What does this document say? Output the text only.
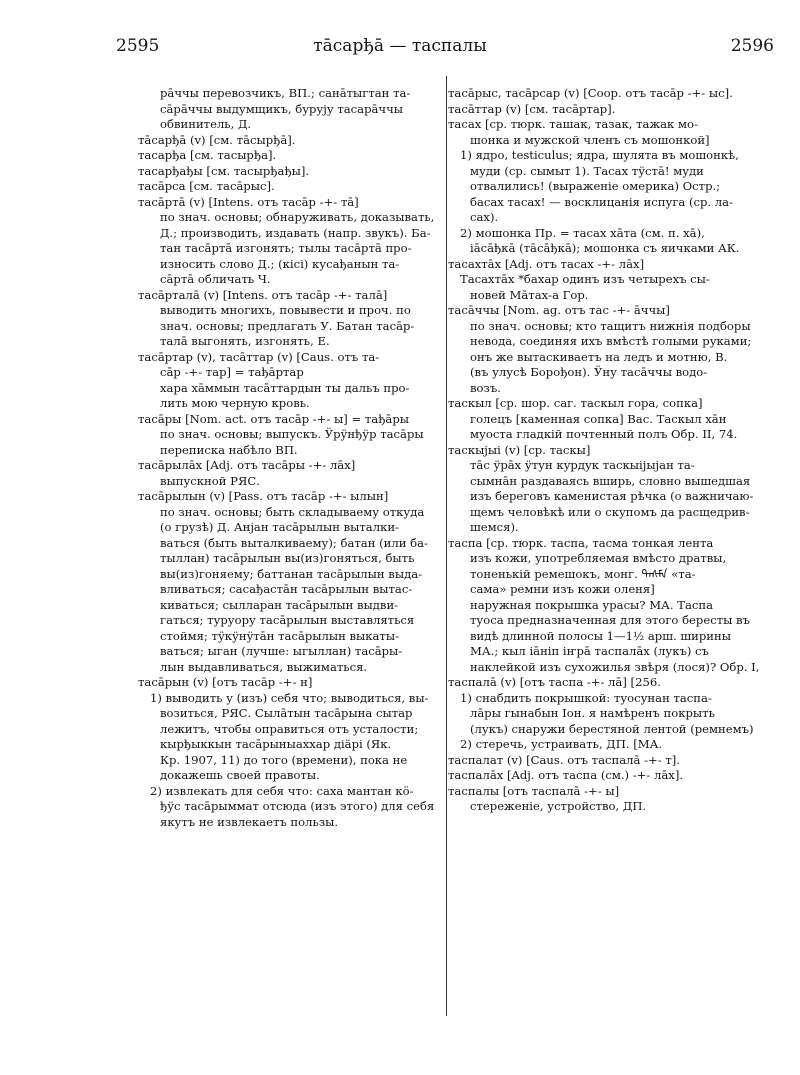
2595	тāсарђā — таспалы	2596
рāччы перевозчикъ, ВП.; санāтыгтан та-
сāрāччы выдумщикъ, бурују тасарāччы
обвинитель, Д.
тāсарђā (v) [см. тāсырђā].
тасарђа [см. тасырђа].
тасарђађы [см. тасырђађы].
тасāрса [см. тасāрыс].
тасāртā (v) [Intens. отъ тасāр -+- тā]
по знач. основы; обнаруживать, доказывать,
Д.; производить, издавать (напр. звукъ). Ба-
тан тасāртā изгонять; тылы тасāртā про-
износить слово Д.; (кісі) кусађанын та-
сāртā обличать Ч.
тасāрталā (v) [Intens. отъ тасāр -+- талā]
выводить многихъ, повывести и проч. по
знач. основы; предлагать У. Батан тасāр-
талā выгонять, изгонять, Е.
тасāртар (v), тасāттар (v) [Caus. отъ та-
сāр -+- тар] = тађāртар
хара хāммын тасāттардын ты дальъ про-
лить мою черную кровь.
тасāры [Nom. act. отъ тасāр -+- ы] = тађāры
по знач. основы; выпускъ. Ӱрӱнђӱр тасāры
переписка набѣло ВП.
тасāрылāх [Adj. отъ тасāры -+- лāх]
выпускной РЯС.
тасāрылын (v) [Pass. отъ тасāр -+- ылын]
по знач. основы; быть складываему откуда
(о грузѣ) Д. Анјан тасāрылын выталки-
ваться (быть выталкиваему); батан (или ба-
тыллан) тасāрылын вы(из)гоняться, быть
вы(из)гоняему; баттанан тасāрылын выда-
вливаться; сасађастāн тасāрылын вытас-
киваться; сылларан тасāрылын выдви-
гаться; туруору тасāрылын выставляться
стоймя; тӱкӱнӱтāн тасāрылын выкаты-
ваться; ыган (лучше: ыгыллан) тасāры-
лын выдавливаться, выжиматься.
тасāрын (v) [отъ тасāр -+- н]
1) выводить у (изъ) себя что; выводиться, вы-
возиться, РЯС. Сылāтын тасāрына сытар
лежитъ, чтобы оправиться отъ усталости;
кырђыккын тасāрыныаххар діäрі (Як.
Кр. 1907, 11) до того (времени), пока не
докажешь своей правоты.
2) извлекать для себя что: саха мантан кӧ-
ђӱс тасāрыммат отсюда (изъ этого) для себя
якутъ не извлекаетъ пользы.
тасāрыс, тасāрсар (v) [Coop. отъ тасāр -+- ыс].
тасāттар (v) [см. тасāртар].
тасах [ср. тюрк. ташак, тазак, тажак мо-
шонка и мужской членъ съ мошонкой]
1) ядро, testiculus; ядра, шулята въ мошонкѣ,
муди (ср. сымыт 1). Тасах тӱстā! муди
отвалились! (выраженіе омерика) Остр.;
басах тасах! — восклицанія испуга (ср. ла-
сах).
2) мошонка Пр. = тасах хāта (см. п. хā),
іāсāђкā (тāсāђкā); мошонка съ яичками АК.
тасахтāх [Adj. отъ тасах -+- лāх]
Тасахтāх *бахар одинъ изъ четырехъ сы-
новей Мāтах-а Гор.
тасāччы [Nom. ag. отъ тас -+- āччы]
по знач. основы; кто тащитъ нижнія подборы
невода, соединяя ихъ вмѣстѣ голыми руками;
онъ же вытаскиваетъ на ледъ и мотню, В.
(въ улусѣ Борођон). Ӱну тасāччы водо-
возъ.
таскыл [ср. шор. саг. таскыл гора, сопка]
голецъ [каменная сопка] Вас. Таскыл хāн
муоста гладкій почтенный полъ Обр. II, 74.
таскыјыі (v) [ср. таскы]
тāс ӱрāх ӱтун курдук таскыіјыјан та-
сымнāн раздаваясь вширь, словно вышедшая
изъ береговъ каменистая рѣчка (о важничаю-
щемъ человѣкѣ или о скупомъ да расщедрив-
шемся).
таспа [ср. тюрк. таспа, тасма тонкая лента
изъ кожи, употребляемая вмѣсто дратвы,
тоненькій ремешокъ, монг. ᠲᠠᠰᠮᠠ «та-
сама» ремни изъ кожи оленя]
наружная покрышка урасы? МА. Таспа
туоса предназначенная для этого бересты въ
видѣ длинной полосы 1—1½ арш. ширины
МА.; кыл іāніп іҥрā таспалāх (лукъ) съ
наклейкой изъ сухожилья звѣря (лося)? Обр. I,
таспалā (v) [отъ таспа -+- лā] [256.
1) снабдить покрышкой: туосунан таспа-
лāры гынабын Іон. я намѣренъ покрыть
(лукъ) снаружи берестяной лентой (ремнемъ)
2) стеречь, устраивать, ДП. [МА.
таспалат (v) [Caus. отъ таспалā -+- т].
таспалāх [Adj. отъ таспа (см.) -+- лāх].
таспалы [отъ таспалā -+- ы]
стереженіе, устройство, ДП.
